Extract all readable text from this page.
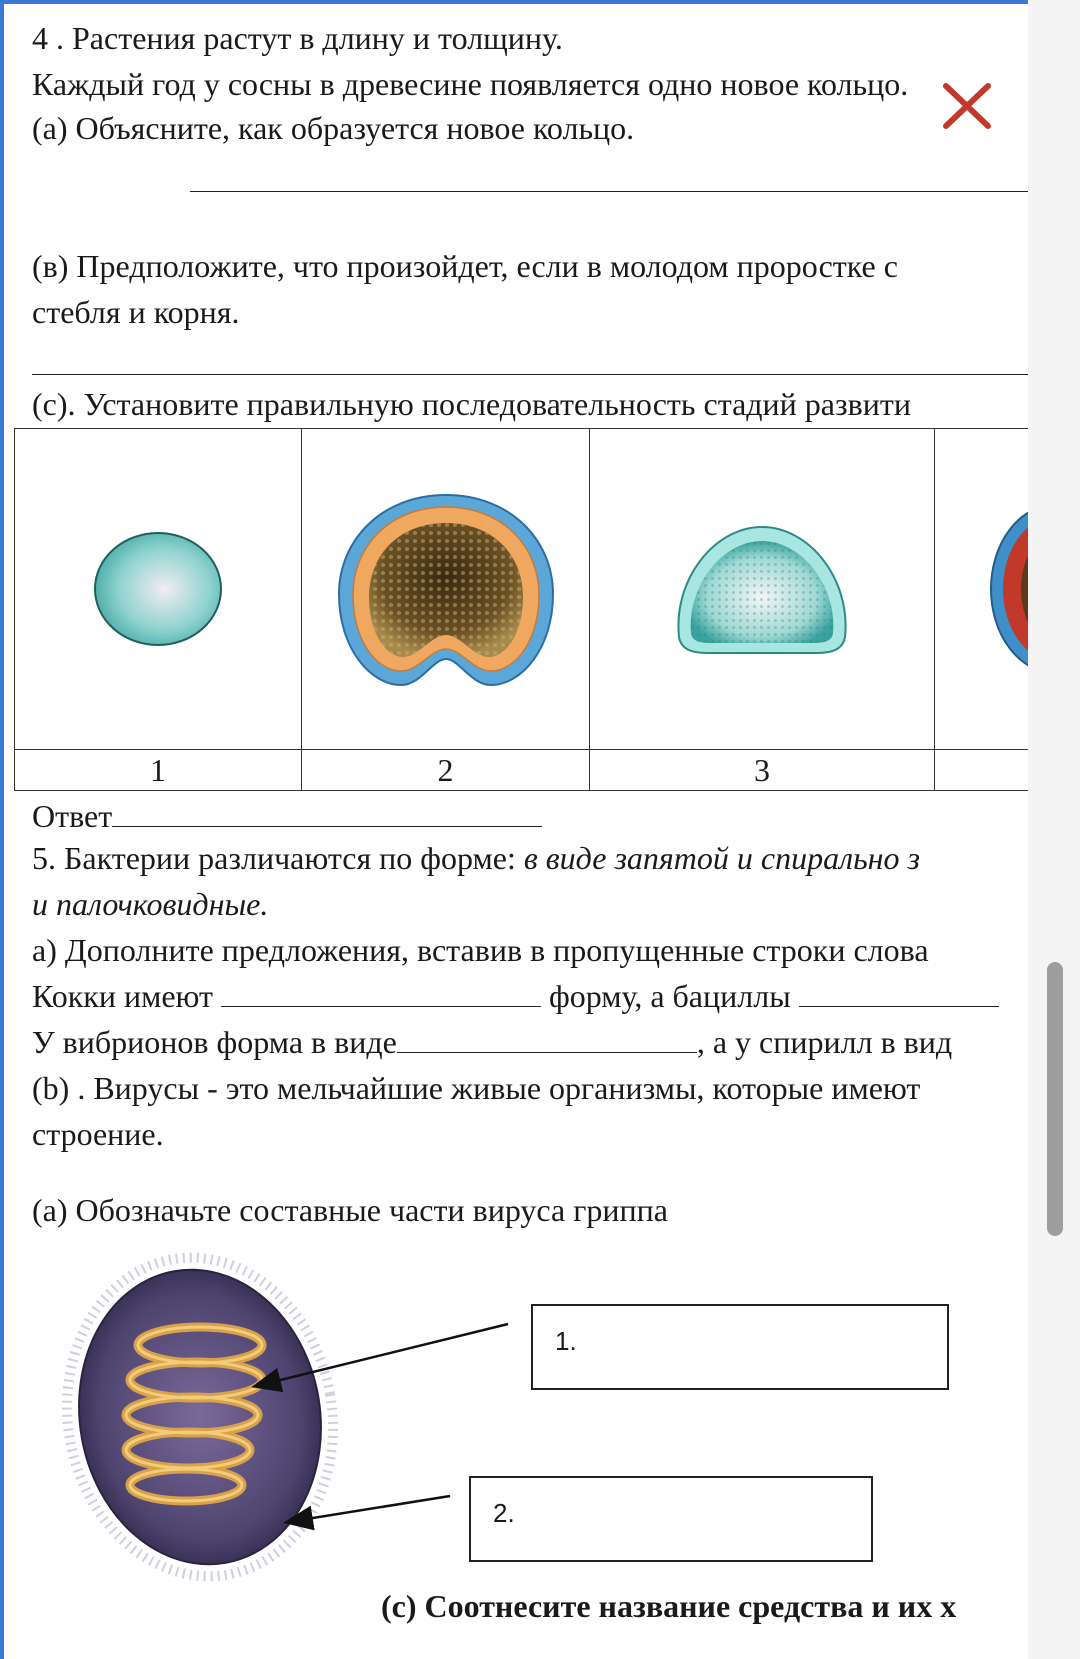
4 . Растения растут в длину и толщину.

Каждый год у сосны в древесине появляется одно новое кольцо.

(а) Объясните, как образуется новое кольцо.

(в) Предположите, что произойдет, если в молодом проростке с

стебля и корня.

(с). Установите правильную последовательность стадий развити

1	2	3	

Ответ

5. Бактерии различаются по форме: в виде запятой и спирально з

и палочковидные.

а) Дополните предложения, вставив в пропущенные строки слова

Кокки имеют	форму, а бациллы

У вибрионов форма в виде	, а у спирилл в вид

(b) . Вирусы - это мельчайшие живые организмы, которые имеют

строение.

(а) Обозначьте составные части вируса гриппа

1.
2.

(с) Соотнесите название средства и их х
